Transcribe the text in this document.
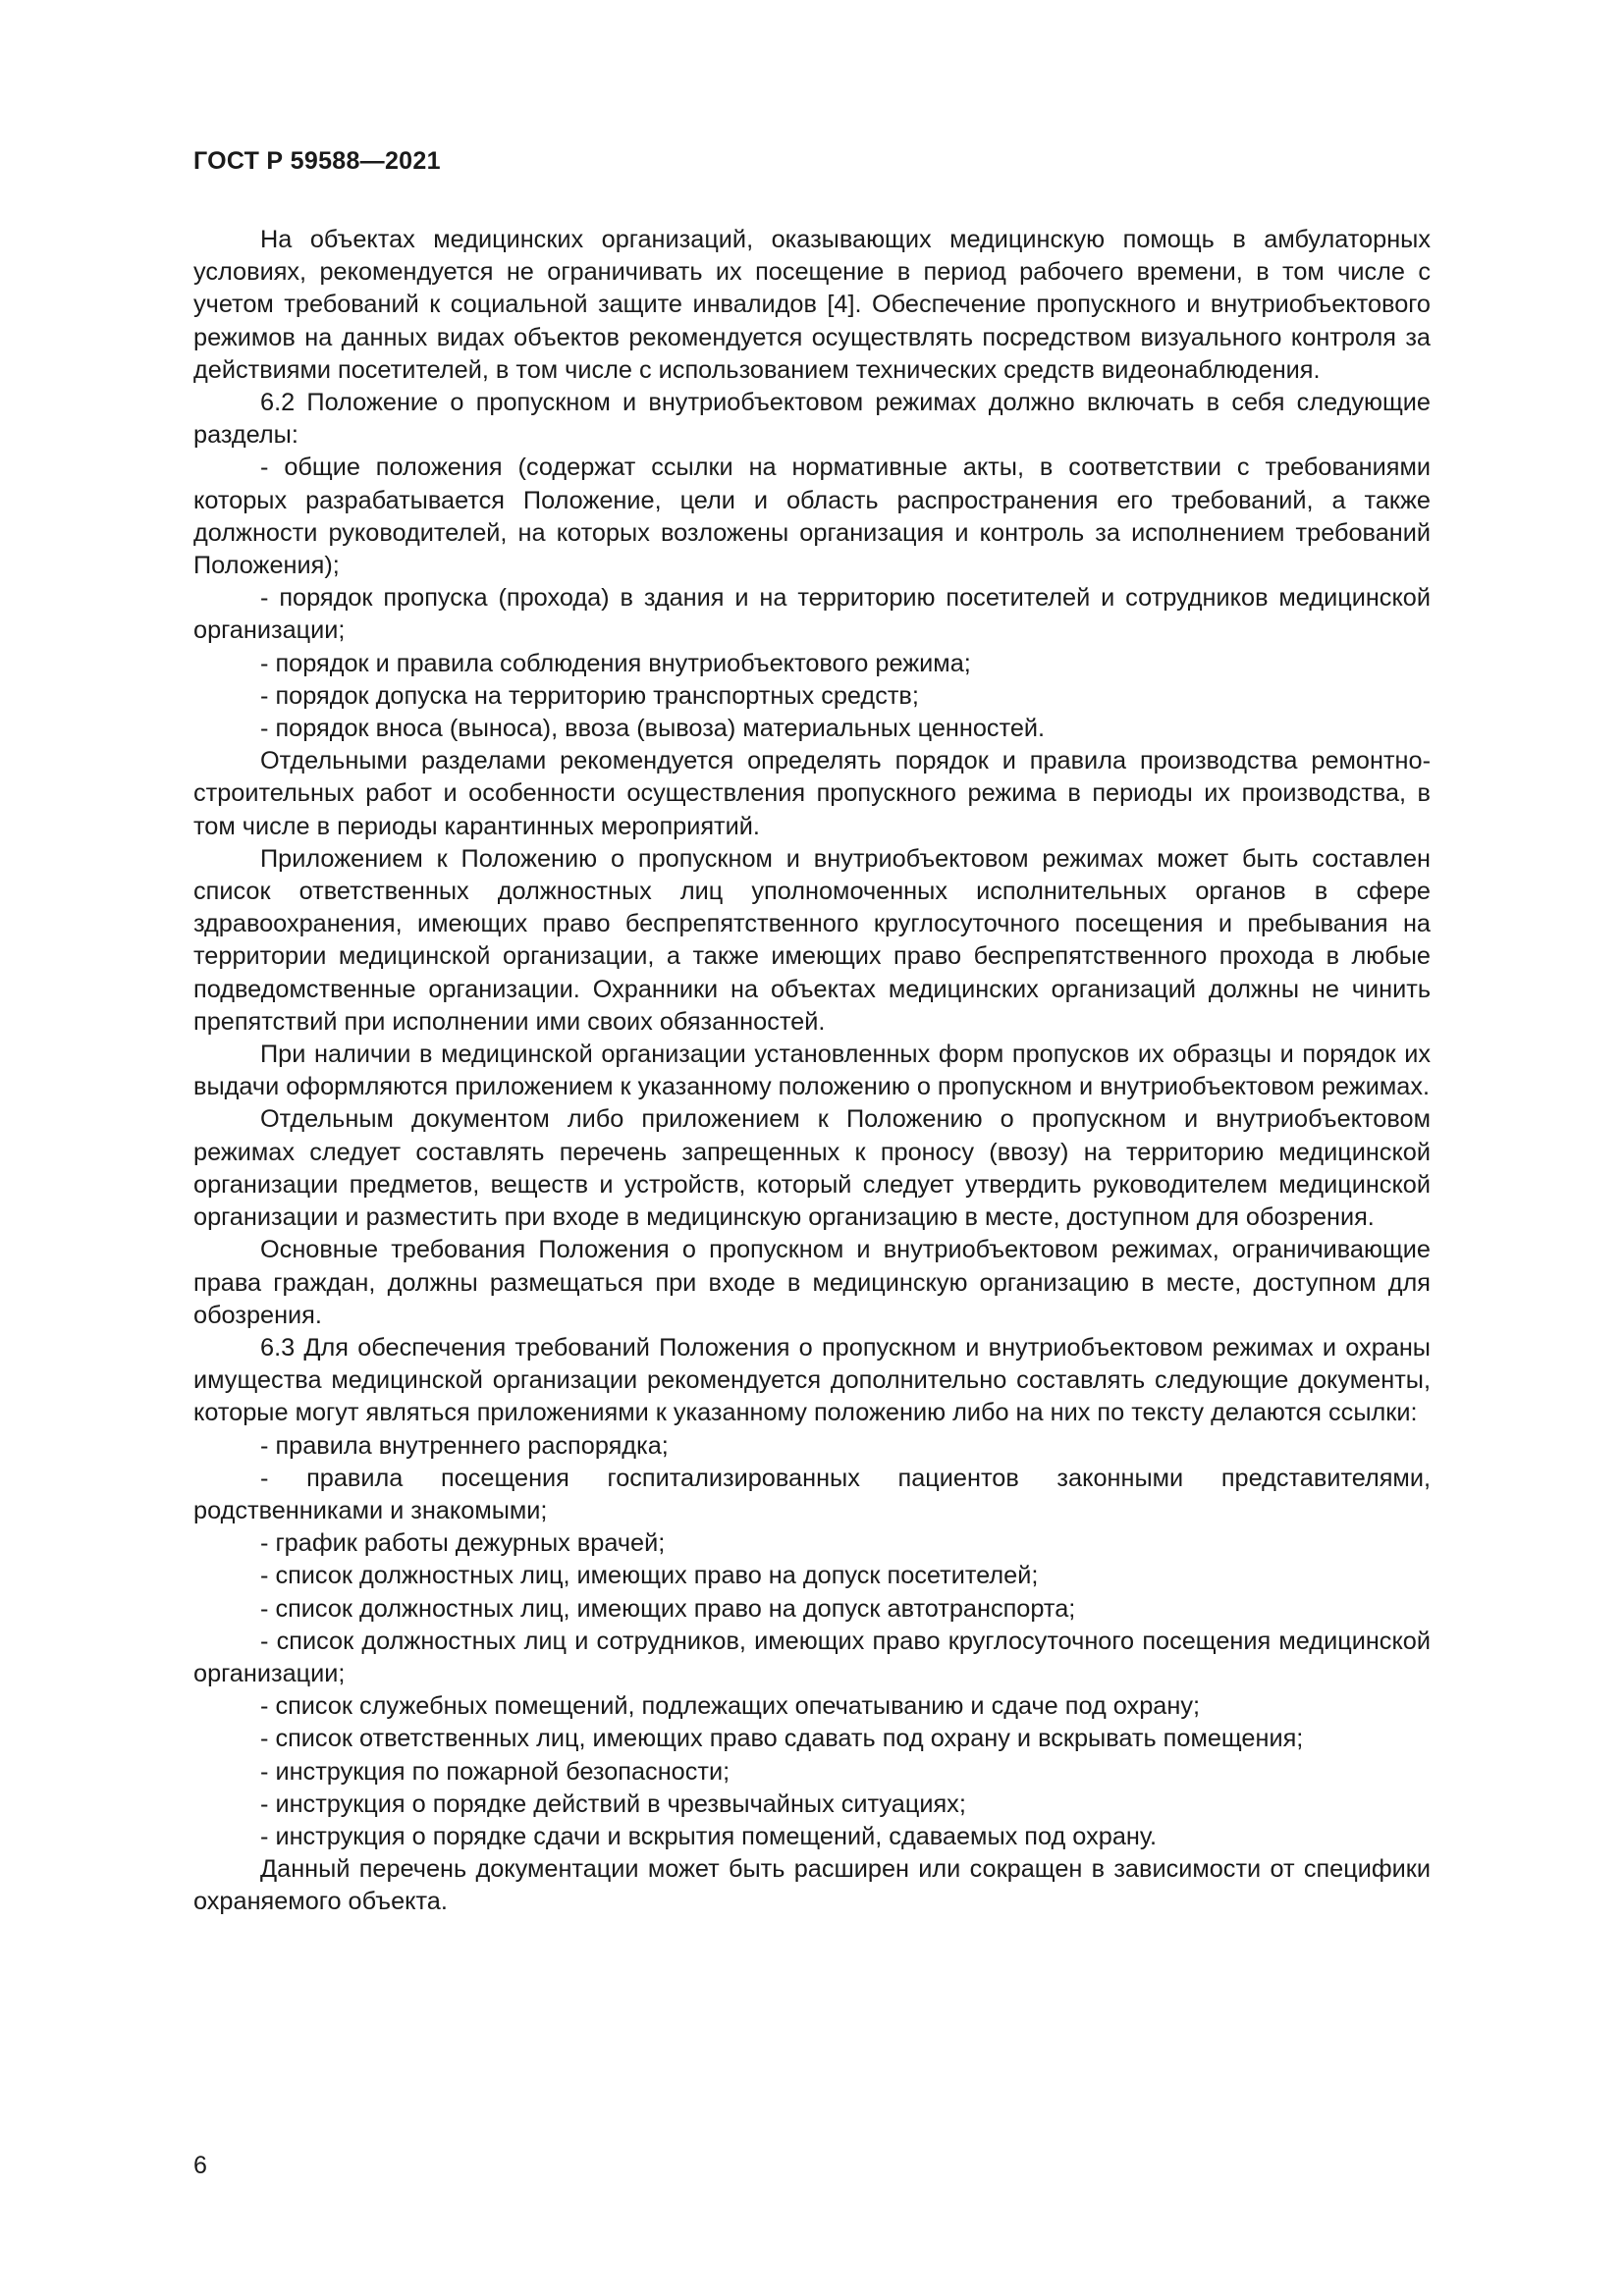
ГОСТ Р 59588—2021

На объектах медицинских организаций, оказывающих медицинскую помощь в амбулаторных условиях, рекомендуется не ограничивать их посещение в период рабочего времени, в том числе с учетом требований к социальной защите инвалидов [4]. Обеспечение пропускного и внутриобъектового режимов на данных видах объектов рекомендуется осуществлять посредством визуального контроля за действиями посетителей, в том числе с использованием технических средств видеонаблюдения.

6.2 Положение о пропускном и внутриобъектовом режимах должно включать в себя следующие разделы:

- общие положения (содержат ссылки на нормативные акты, в соответствии с требованиями которых разрабатывается Положение, цели и область распространения его требований, а также должности руководителей, на которых возложены организация и контроль за исполнением требований Положения);

- порядок пропуска (прохода) в здания и на территорию посетителей и сотрудников медицинской организации;

- порядок и правила соблюдения внутриобъектового режима;

- порядок допуска на территорию транспортных средств;

- порядок вноса (выноса), ввоза (вывоза) материальных ценностей.

Отдельными разделами рекомендуется определять порядок и правила производства ремонтно-строительных работ и особенности осуществления пропускного режима в периоды их производства, в том числе в периоды карантинных мероприятий.

Приложением к Положению о пропускном и внутриобъектовом режимах может быть составлен список ответственных должностных лиц уполномоченных исполнительных органов в сфере здравоохранения, имеющих право беспрепятственного круглосуточного посещения и пребывания на территории медицинской организации, а также имеющих право беспрепятственного прохода в любые подведомственные организации. Охранники на объектах медицинских организаций должны не чинить препятствий при исполнении ими своих обязанностей.

При наличии в медицинской организации установленных форм пропусков их образцы и порядок их выдачи оформляются приложением к указанному положению о пропускном и внутриобъектовом режимах.

Отдельным документом либо приложением к Положению о пропускном и внутриобъектовом режимах следует составлять перечень запрещенных к проносу (ввозу) на территорию медицинской организации предметов, веществ и устройств, который следует утвердить руководителем медицинской организации и разместить при входе в медицинскую организацию в месте, доступном для обозрения.

Основные требования Положения о пропускном и внутриобъектовом режимах, ограничивающие права граждан, должны размещаться при входе в медицинскую организацию в месте, доступном для обозрения.

6.3 Для обеспечения требований Положения о пропускном и внутриобъектовом режимах и охраны имущества медицинской организации рекомендуется дополнительно составлять следующие документы, которые могут являться приложениями к указанному положению либо на них по тексту делаются ссылки:

- правила внутреннего распорядка;

- правила посещения госпитализированных пациентов законными представителями, родственниками и знакомыми;

- график работы дежурных врачей;

- список должностных лиц, имеющих право на допуск посетителей;

- список должностных лиц, имеющих право на допуск автотранспорта;

- список должностных лиц и сотрудников, имеющих право круглосуточного посещения медицинской организации;

- список служебных помещений, подлежащих опечатыванию и сдаче под охрану;

- список ответственных лиц, имеющих право сдавать под охрану и вскрывать помещения;

- инструкция по пожарной безопасности;

- инструкция о порядке действий в чрезвычайных ситуациях;

- инструкция о порядке сдачи и вскрытия помещений, сдаваемых под охрану.

Данный перечень документации может быть расширен или сокращен в зависимости от специфики охраняемого объекта.

6
